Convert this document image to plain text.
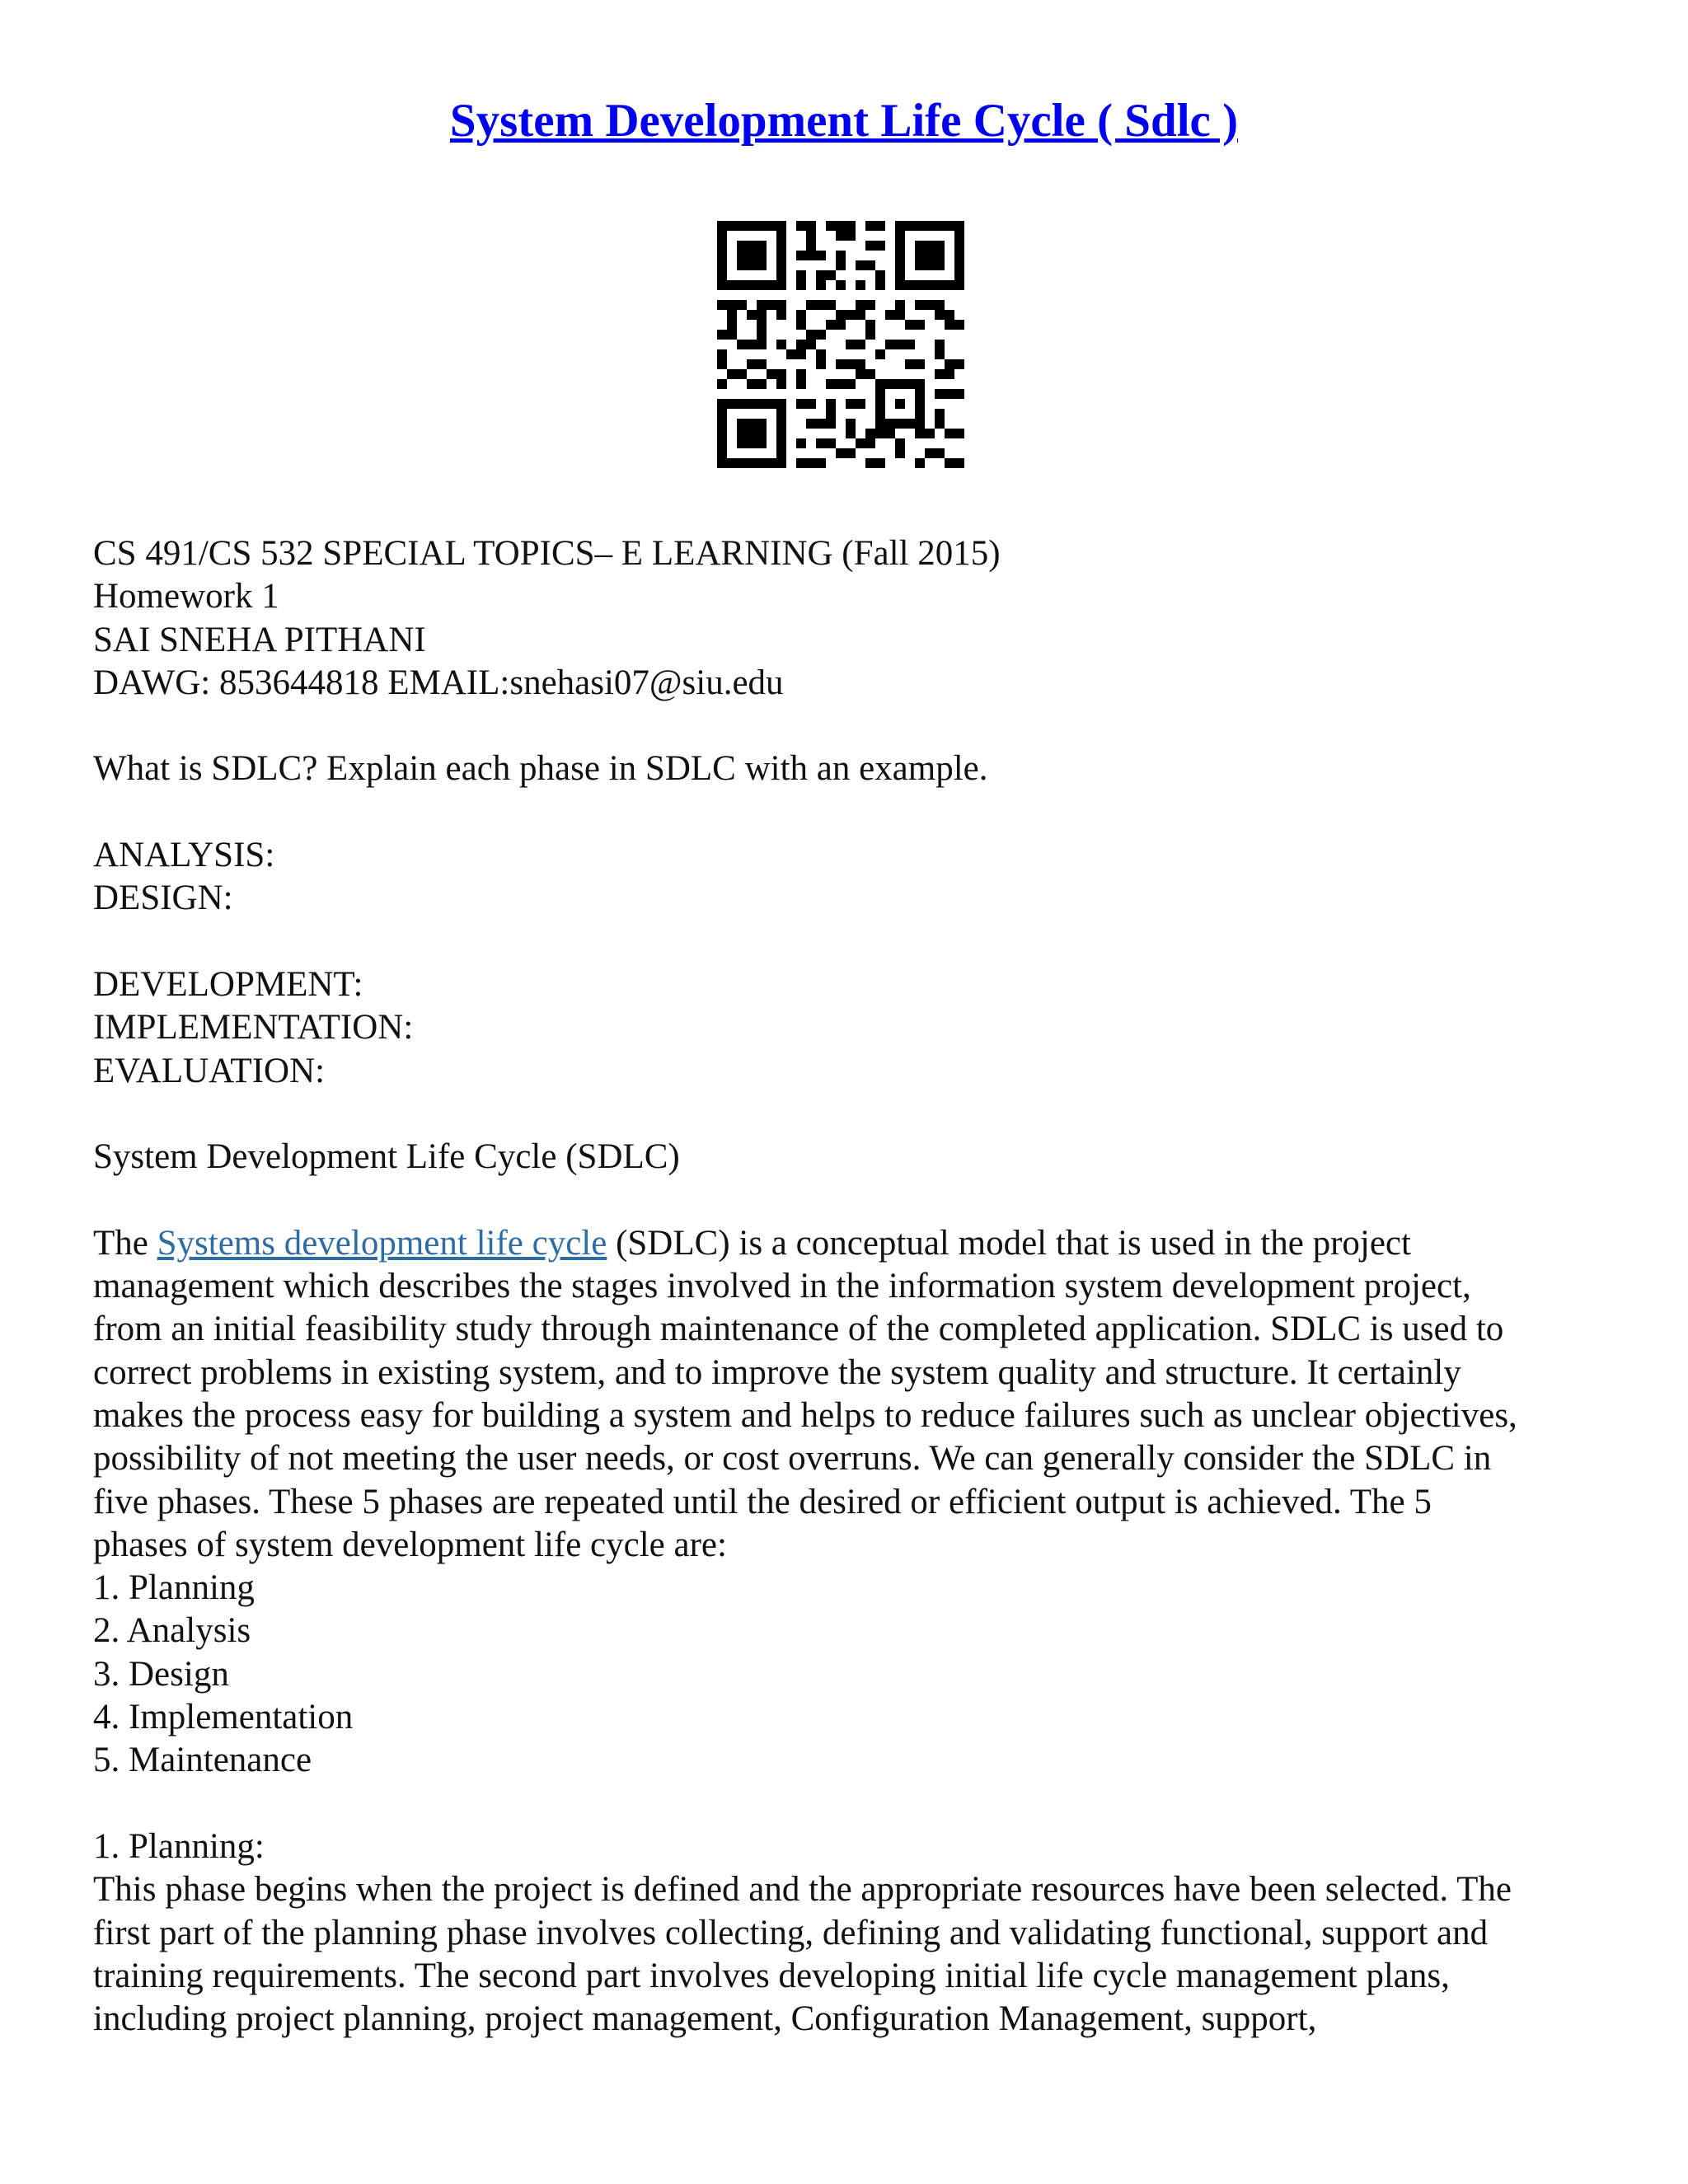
System Development Life Cycle ( Sdlc )
CS 491/CS 532 SPECIAL TOPICS– E LEARNING (Fall 2015)
Homework 1
SAI SNEHA PITHANI
DAWG: 853644818 EMAIL:snehasi07@siu.edu
What is SDLC? Explain each phase in SDLC with an example.
ANALYSIS:
DESIGN:
DEVELOPMENT:
IMPLEMENTATION:
EVALUATION:
System Development Life Cycle (SDLC)
The Systems development life cycle (SDLC) is a conceptual model that is used in the project
management which describes the stages involved in the information system development project,
from an initial feasibility study through maintenance of the completed application. SDLC is used to
correct problems in existing system, and to improve the system quality and structure. It certainly
makes the process easy for building a system and helps to reduce failures such as unclear objectives,
possibility of not meeting the user needs, or cost overruns. We can generally consider the SDLC in
five phases. These 5 phases are repeated until the desired or efficient output is achieved. The 5
phases of system development life cycle are:
1. Planning
2. Analysis
3. Design
4. Implementation
5. Maintenance
1. Planning:
This phase begins when the project is defined and the appropriate resources have been selected. The
first part of the planning phase involves collecting, defining and validating functional, support and
training requirements. The second part involves developing initial life cycle management plans,
including project planning, project management, Configuration Management, support,
